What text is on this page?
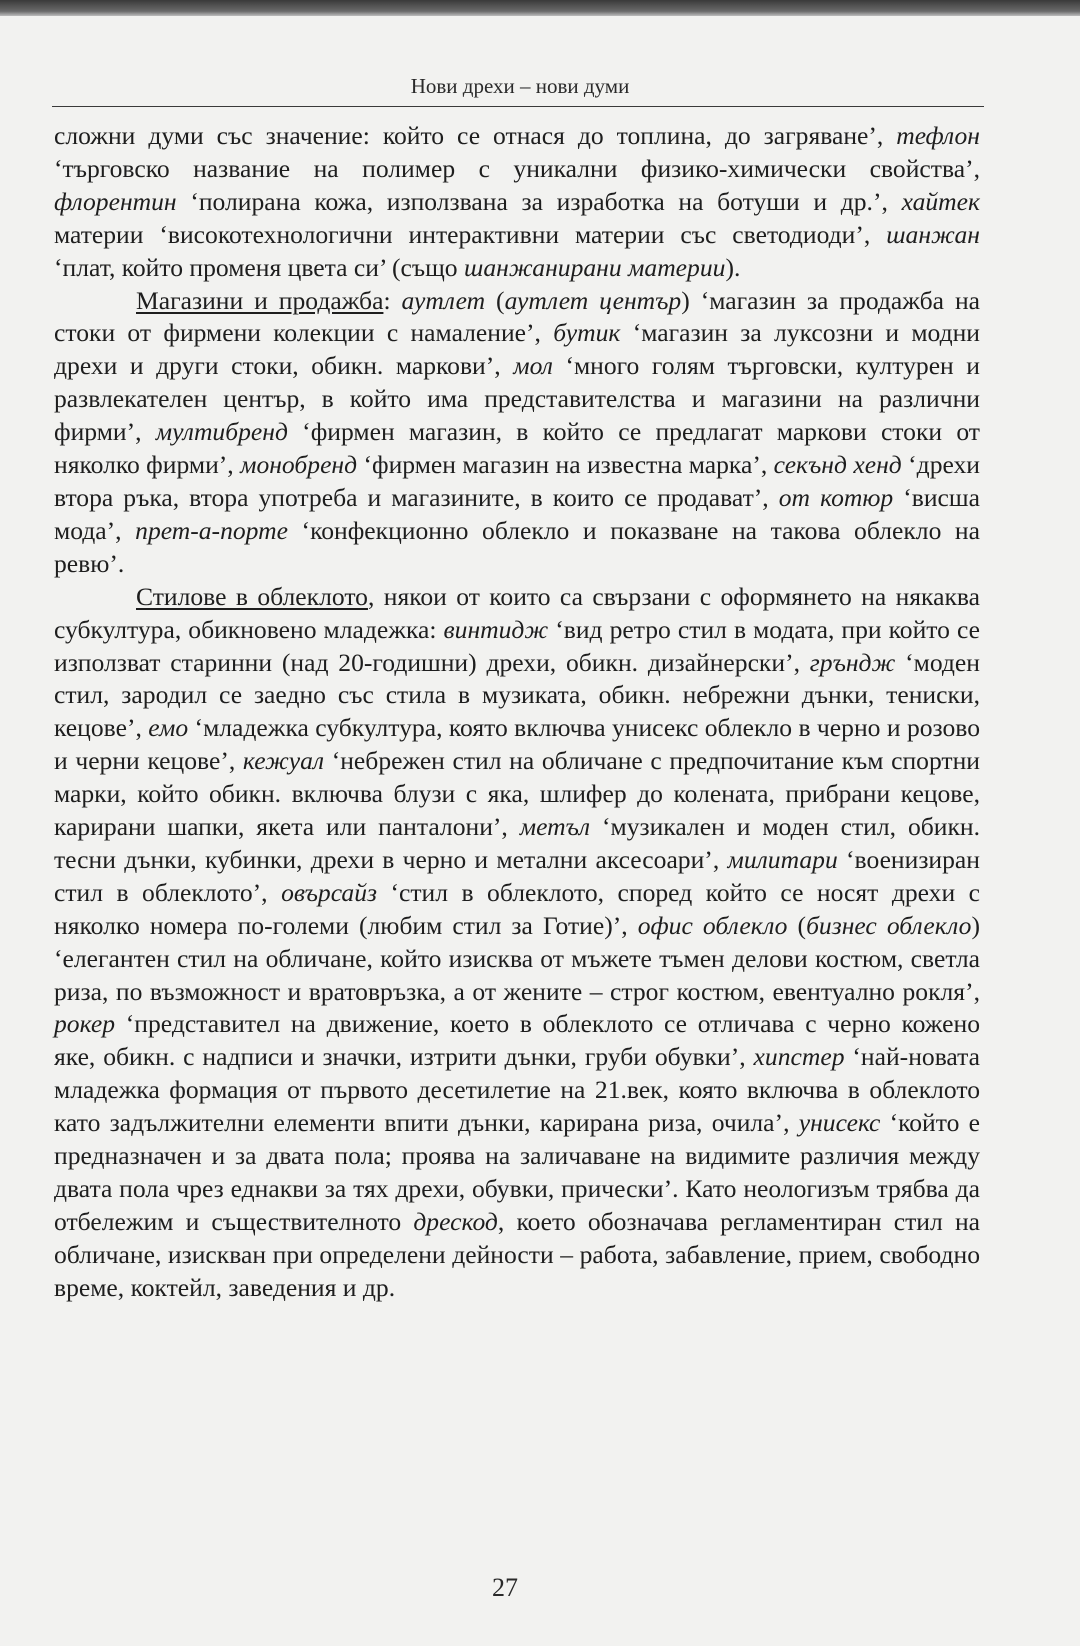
Нови дрехи – нови думи

сложни думи със значение: който се отнася до топлина, до загряване’, тефлон ‘търговско название на полимер с уникални физико-химически свойства’, флорентин ‘полирана кожа, използвана за изработка на ботуши и др.’, хайтек материи ‘високотехнологични интерактивни материи със светодиоди’, шанжан ‘плат, който променя цвета си’ (също шанжанирани материи).

Магазини и продажба: аутлет (аутлет център) ‘магазин за продажба на стоки от фирмени колекции с намаление’, бутик ‘магазин за луксозни и модни дрехи и други стоки, обикн. маркови’, мол ‘много голям търговски, културен и развлекателен център, в който има представителства и магазини на различни фирми’, мултибренд ‘фирмен магазин, в който се предлагат маркови стоки от няколко фирми’, монобренд ‘фирмен магазин на известна марка’, секънд хенд ‘дрехи втора ръка, втора употреба и магазините, в които се продават’, от котюр ‘висша мода’, прет-а-порте ‘конфекционно облекло и показване на такова облекло на ревю’.

Стилове в облеклото, някои от които са свързани с оформянето на някаква субкултура, обикновено младежка: винтидж ‘вид ретро стил в модата, при който се използват старинни (над 20-годишни) дрехи, обикн. дизайнерски’, гръндж ‘моден стил, зародил се заедно със стила в музиката, обикн. небрежни дънки, тениски, кецове’, емо ‘младежка субкултура, която включва унисекс облекло в черно и розово и черни кецове’, кежуал ‘небрежен стил на обличане с предпочитание към спортни марки, който обикн. включва блузи с яка, шлифер до колената, прибрани кецове, карирани шапки, якета или панталони’, метъл ‘музикален и моден стил, обикн. тесни дънки, кубинки, дрехи в черно и метални аксесоари’, милитари ‘военизиран стил в облеклото’, овърсайз ‘стил в облеклото, според който се носят дрехи с няколко номера по-големи (любим стил за Готие)’, офис облекло (бизнес облекло) ‘елегантен стил на обличане, който изисква от мъжете тъмен делови костюм, светла риза, по възможност и вратовръзка, а от жените – строг костюм, евентуално рокля’, рокер ‘представител на движение, което в облеклото се отличава с черно кожено яке, обикн. с надписи и значки, изтрити дънки, груби обувки’, хипстер ‘най-новата младежка формация от първото десетилетие на 21.век, която включва в облеклото като задължителни елементи впити дънки, карирана риза, очила’, унисекс ‘който е предназначен и за двата пола; проява на заличаване на видимите различия между двата пола чрез еднакви за тях дрехи, обувки, прически’. Като неологизъм трябва да отбележим и съществителното дрескод, което обозначава регламентиран стил на обличане, изискван при определени дейности – работа, забавление, прием, свободно време, коктейл, заведения и др.

27
